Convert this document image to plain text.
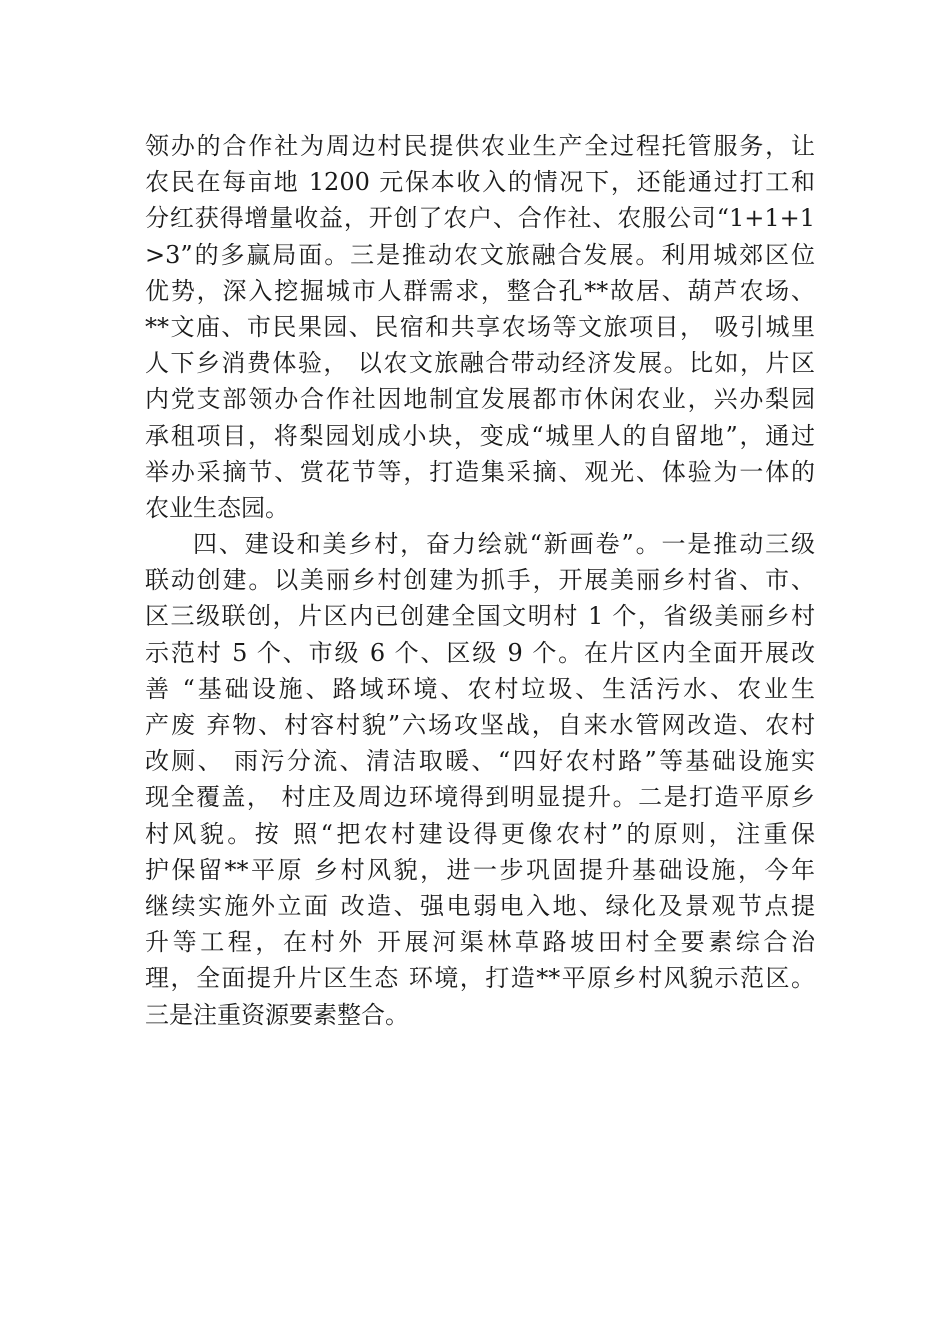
领办的合作社为周边村民提供农业生产全过程托管服务，让
农民在每亩地 1200 元保本收入的情况下，还能通过打工和
分红获得增量收益，开创了农户、合作社、农服公司“1+1+1
>3”的多赢局面。三是推动农文旅融合发展。利用城郊区位
优势，深入挖掘城市人群需求，整合孔**故居、葫芦农场、
**文庙、市民果园、民宿和共享农场等文旅项目， 吸引城里
人下乡消费体验， 以农文旅融合带动经济发展。比如，片区
内党支部领办合作社因地制宜发展都市休闲农业，兴办梨园
承租项目，将梨园划成小块，变成“城里人的自留地”，通过
举办采摘节、赏花节等，打造集采摘、观光、体验为一体的
农业生态园。
四、建设和美乡村，奋力绘就“新画卷”。一是推动三级
联动创建。以美丽乡村创建为抓手，开展美丽乡村省、市、
区三级联创，片区内已创建全国文明村 1 个，省级美丽乡村
示范村 5 个、市级 6 个、区级 9 个。在片区内全面开展改
善 “基础设施、路域环境、农村垃圾、生活污水、农业生
产废 弃物、村容村貌”六场攻坚战，自来水管网改造、农村
改厕、 雨污分流、清洁取暖、“四好农村路”等基础设施实
现全覆盖， 村庄及周边环境得到明显提升。二是打造平原乡
村风貌。按 照“把农村建设得更像农村”的原则，注重保
护保留**平原 乡村风貌，进一步巩固提升基础设施，今年
继续实施外立面 改造、强电弱电入地、绿化及景观节点提
升等工程，在村外 开展河渠林草路坡田村全要素综合治
理，全面提升片区生态 环境，打造**平原乡村风貌示范区。
三是注重资源要素整合。
